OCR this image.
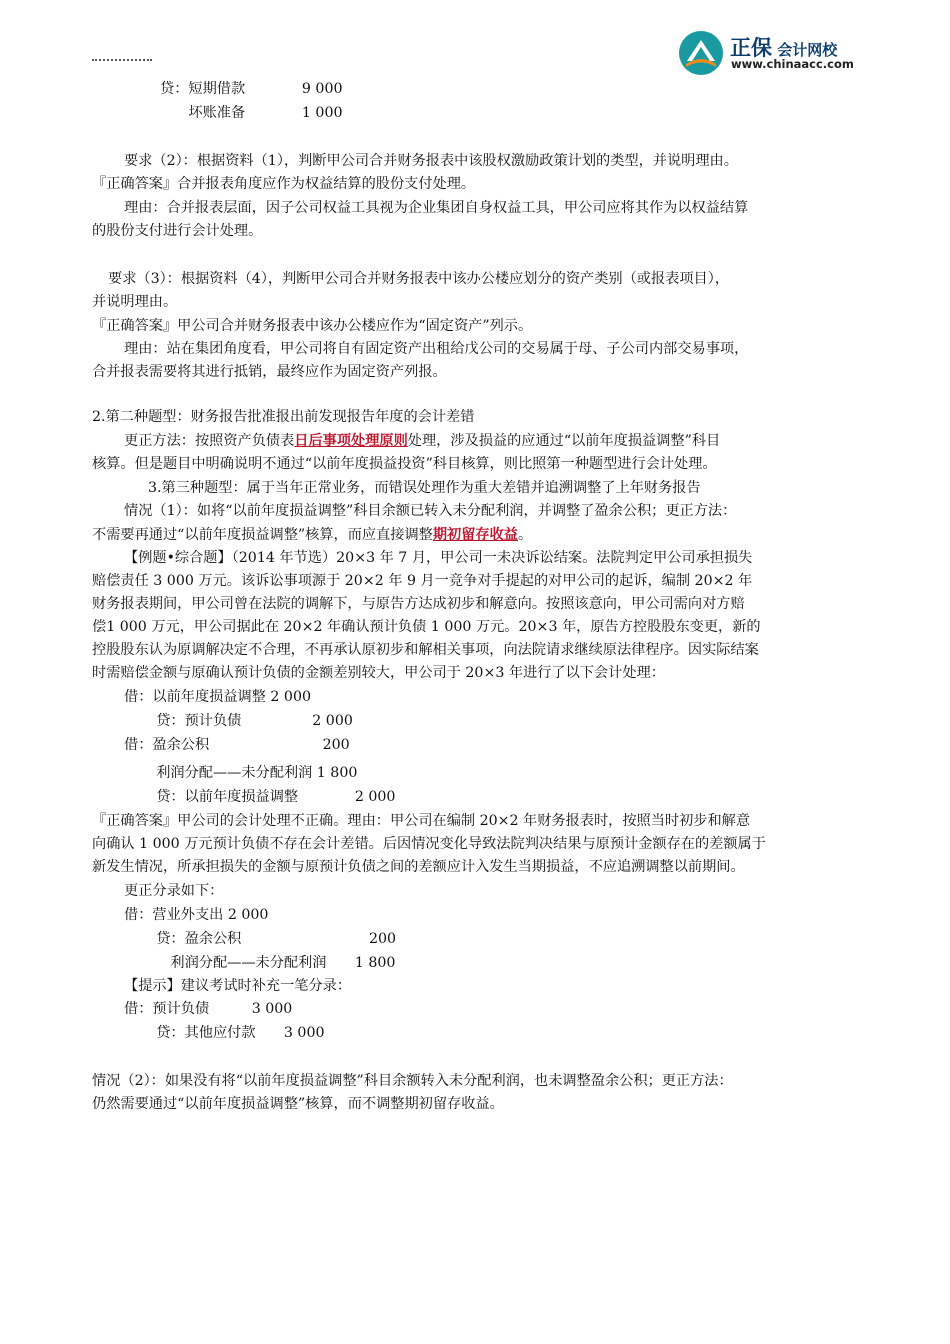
正保 会计网校
www.chinaacc.com
贷：短期借款　　　　9 000
　　坏账准备　　　　1 000
要求（2）：根据资料（1），判断甲公司合并财务报表中该股权激励政策计划的类型，并说明理由。
『正确答案』合并报表角度应作为权益结算的股份支付处理。
理由：合并报表层面，因子公司权益工具视为企业集团自身权益工具，甲公司应将其作为以权益结算
的股份支付进行会计处理。
要求（3）：根据资料（4），判断甲公司合并财务报表中该办公楼应划分的资产类别（或报表项目），
并说明理由。
『正确答案』甲公司合并财务报表中该办公楼应作为“固定资产”列示。
理由：站在集团角度看，甲公司将自有固定资产出租给戊公司的交易属于母、子公司内部交易事项，
合并报表需要将其进行抵销，最终应作为固定资产列报。
2.第二种题型：财务报告批准报出前发现报告年度的会计差错
更正方法：按照资产负债表日后事项处理原则处理，涉及损益的应通过“以前年度损益调整”科目
核算。但是题目中明确说明不通过“以前年度损益投资”科目核算，则比照第一种题型进行会计处理。
3.第三种题型：属于当年正常业务，而错误处理作为重大差错并追溯调整了上年财务报告
情况（1）：如将“以前年度损益调整”科目余额已转入未分配利润，并调整了盈余公积；更正方法：
不需要再通过“以前年度损益调整”核算，而应直接调整期初留存收益。
【例题•综合题】（2014 年节选）20×3 年 7 月，甲公司一未决诉讼结案。法院判定甲公司承担损失
赔偿责任 3 000 万元。该诉讼事项源于 20×2 年 9 月一竞争对手提起的对甲公司的起诉，编制 20×2 年
财务报表期间，甲公司曾在法院的调解下，与原告方达成初步和解意向。按照该意向，甲公司需向对方赔
偿1 000 万元，甲公司据此在 20×2 年确认预计负债 1 000 万元。20×3 年，原告方控股股东变更，新的
控股股东认为原调解决定不合理，不再承认原初步和解相关事项，向法院请求继续原法律程序。因实际结案
时需赔偿金额与原确认预计负债的金额差别较大，甲公司于 20×3 年进行了以下会计处理：
借：以前年度损益调整 2 000
　贷：预计负债　　　　　2 000
借：盈余公积　　　　　　　　200
　利润分配——未分配利润 1 800
　贷：以前年度损益调整　　　　2 000
『正确答案』甲公司的会计处理不正确。理由：甲公司在编制 20×2 年财务报表时，按照当时初步和解意
向确认 1 000 万元预计负债不存在会计差错。后因情况变化导致法院判决结果与原预计金额存在的差额属于
新发生情况，所承担损失的金额与原预计负债之间的差额应计入发生当期损益，不应追溯调整以前期间。
更正分录如下：
借：营业外支出 2 000
　贷：盈余公积　　　　　　　　　200
　　利润分配——未分配利润　　1 800
【提示】建议考试时补充一笔分录：
借：预计负债　　　3 000
　贷：其他应付款　　3 000
情况（2）：如果没有将“以前年度损益调整”科目余额转入未分配利润，也未调整盈余公积；更正方法：
仍然需要通过“以前年度损益调整”核算，而不调整期初留存收益。
